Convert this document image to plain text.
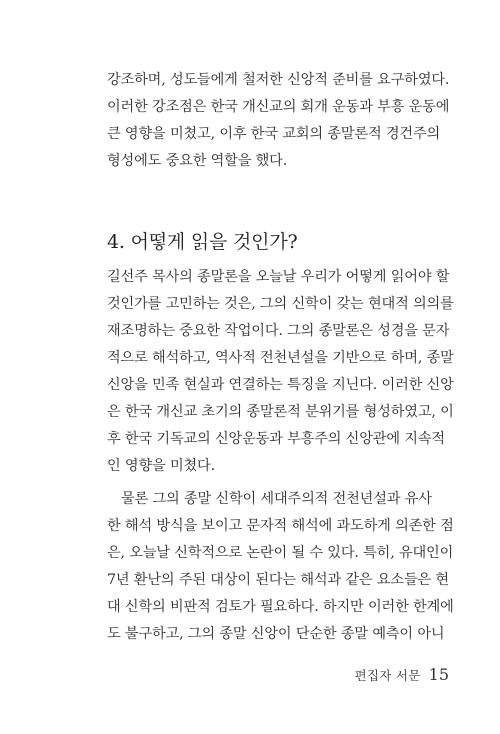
강조하며, 성도들에게 철저한 신앙적 준비를 요구하였다.
이러한 강조점은 한국 개신교의 회개 운동과 부흥 운동에
큰 영향을 미쳤고, 이후 한국 교회의 종말론적 경건주의
형성에도 중요한 역할을 했다.
4. 어떻게 읽을 것인가?
길선주 목사의 종말론을 오늘날 우리가 어떻게 읽어야 할
것인가를 고민하는 것은, 그의 신학이 갖는 현대적 의의를
재조명하는 중요한 작업이다. 그의 종말론은 성경을 문자
적으로 해석하고, 역사적 전천년설을 기반으로 하며, 종말
신앙을 민족 현실과 연결하는 특징을 지닌다. 이러한 신앙
은 한국 개신교 초기의 종말론적 분위기를 형성하였고, 이
후 한국 기독교의 신앙운동과 부흥주의 신앙관에 지속적
인 영향을 미쳤다.
물론 그의 종말 신학이 세대주의적 전천년설과 유사
한 해석 방식을 보이고 문자적 해석에 과도하게 의존한 점
은, 오늘날 신학적으로 논란이 될 수 있다. 특히, 유대인이
7년 환난의 주된 대상이 된다는 해석과 같은 요소들은 현
대 신학의 비판적 검토가 필요하다. 하지만 이러한 한계에
도 불구하고, 그의 종말 신앙이 단순한 종말 예측이 아니
편집자 서문 15
